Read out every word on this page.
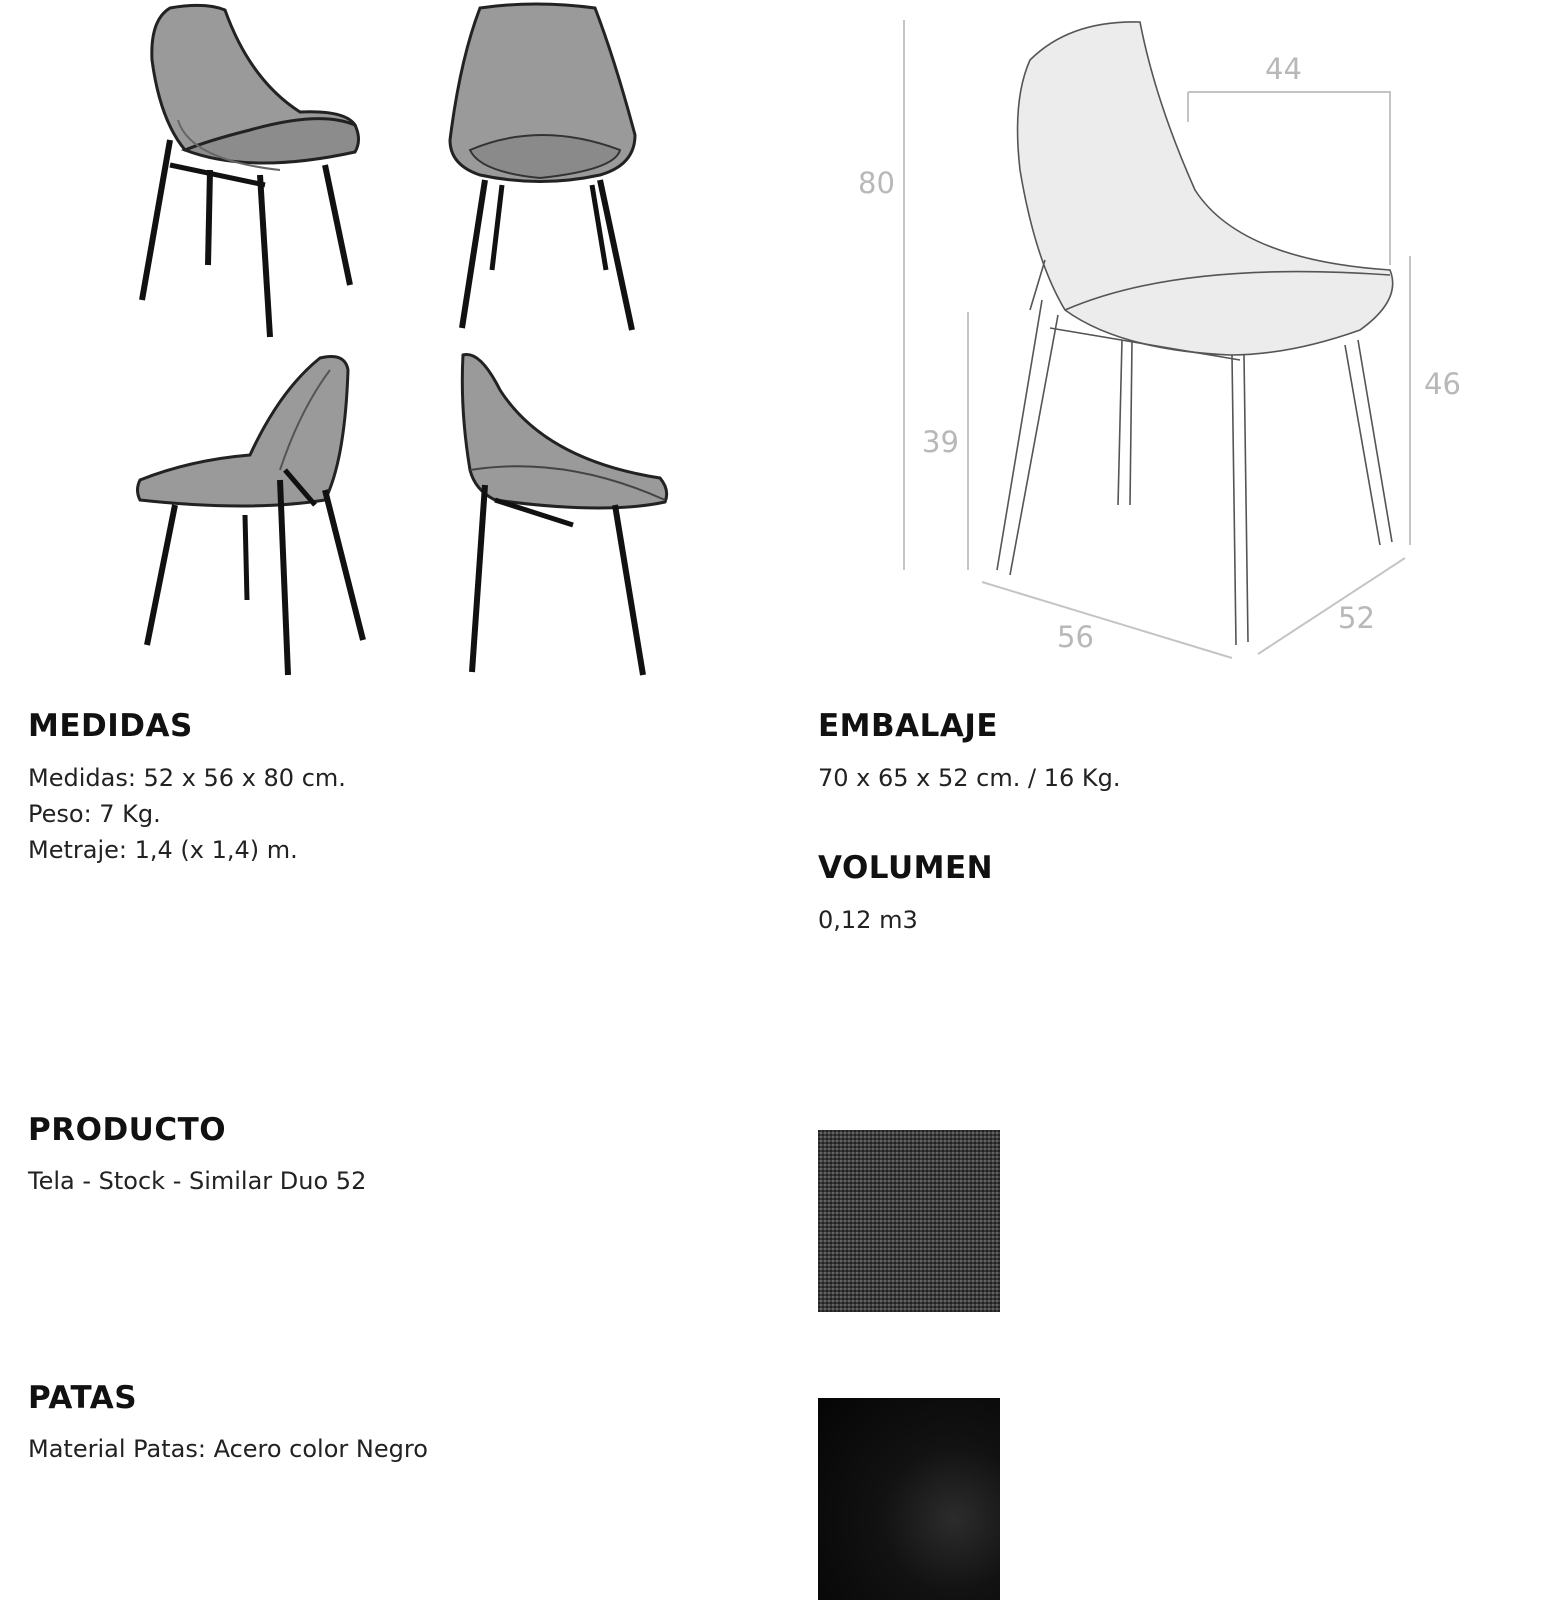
80
44
39
46
56
52
MEDIDAS
Medidas: 52 x 56 x 80 cm.
Peso: 7 Kg.
Metraje: 1,4 (x 1,4) m.
EMBALAJE
70 x 65 x 52 cm. / 16 Kg.
VOLUMEN
0,12 m3
PRODUCTO
Tela - Stock - Similar Duo 52
PATAS
Material Patas: Acero color Negro
